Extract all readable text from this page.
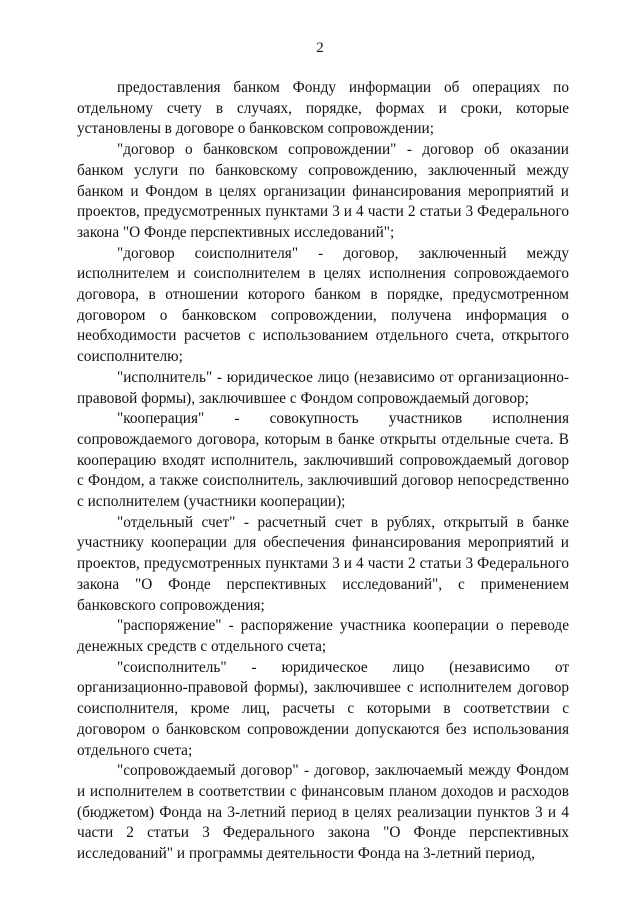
2

предоставления банком Фонду информации об операциях по отдельному счету в случаях, порядке, формах и сроки, которые установлены в договоре о банковском сопровождении;

"договор о банковском сопровождении" - договор об оказании банком услуги по банковскому сопровождению, заключенный между банком и Фондом в целях организации финансирования мероприятий и проектов, предусмотренных пунктами 3 и 4 части 2 статьи 3 Федерального закона "О Фонде перспективных исследований";

"договор соисполнителя" - договор, заключенный между исполнителем и соисполнителем в целях исполнения сопровождаемого договора, в отношении которого банком в порядке, предусмотренном договором о банковском сопровождении, получена информация о необходимости расчетов с использованием отдельного счета, открытого соисполнителю;

"исполнитель" - юридическое лицо (независимо от организационно-правовой формы), заключившее с Фондом сопровождаемый договор;

"кооперация" - совокупность участников исполнения сопровождаемого договора, которым в банке открыты отдельные счета. В кооперацию входят исполнитель, заключивший сопровождаемый договор с Фондом, а также соисполнитель, заключивший договор непосредственно с исполнителем (участники кооперации);

"отдельный счет" - расчетный счет в рублях, открытый в банке участнику кооперации для обеспечения финансирования мероприятий и проектов, предусмотренных пунктами 3 и 4 части 2 статьи 3 Федерального закона "О Фонде перспективных исследований", с применением банковского сопровождения;

"распоряжение" - распоряжение участника кооперации о переводе денежных средств с отдельного счета;

"соисполнитель" - юридическое лицо (независимо от организационно-правовой формы), заключившее с исполнителем договор соисполнителя, кроме лиц, расчеты с которыми в соответствии с договором о банковском сопровождении допускаются без использования отдельного счета;

"сопровождаемый договор" - договор, заключаемый между Фондом и исполнителем в соответствии с финансовым планом доходов и расходов (бюджетом) Фонда на 3-летний период в целях реализации пунктов 3 и 4 части 2 статьи 3 Федерального закона "О Фонде перспективных исследований" и программы деятельности Фонда на 3-летний период,
